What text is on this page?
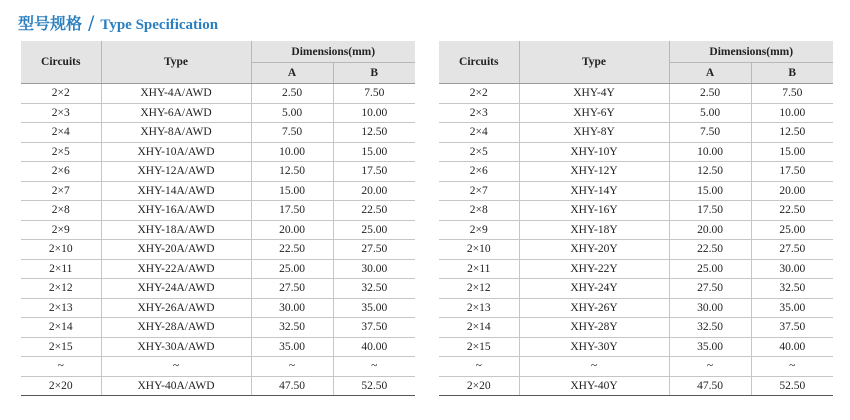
型号规格 / Type Specification
Circuits	Type	Dimensions(mm)	
		A	B
2×2	XHY-4A/AWD	2.50	7.50
2×3	XHY-6A/AWD	5.00	10.00
2×4	XHY-8A/AWD	7.50	12.50
2×5	XHY-10A/AWD	10.00	15.00
2×6	XHY-12A/AWD	12.50	17.50
2×7	XHY-14A/AWD	15.00	20.00
2×8	XHY-16A/AWD	17.50	22.50
2×9	XHY-18A/AWD	20.00	25.00
2×10	XHY-20A/AWD	22.50	27.50
2×11	XHY-22A/AWD	25.00	30.00
2×12	XHY-24A/AWD	27.50	32.50
2×13	XHY-26A/AWD	30.00	35.00
2×14	XHY-28A/AWD	32.50	37.50
2×15	XHY-30A/AWD	35.00	40.00
~	~	~	~
2×20	XHY-40A/AWD	47.50	52.50
Circuits	Type	Dimensions(mm)	
		A	B
2×2	XHY-4Y	2.50	7.50
2×3	XHY-6Y	5.00	10.00
2×4	XHY-8Y	7.50	12.50
2×5	XHY-10Y	10.00	15.00
2×6	XHY-12Y	12.50	17.50
2×7	XHY-14Y	15.00	20.00
2×8	XHY-16Y	17.50	22.50
2×9	XHY-18Y	20.00	25.00
2×10	XHY-20Y	22.50	27.50
2×11	XHY-22Y	25.00	30.00
2×12	XHY-24Y	27.50	32.50
2×13	XHY-26Y	30.00	35.00
2×14	XHY-28Y	32.50	37.50
2×15	XHY-30Y	35.00	40.00
~	~	~	~
2×20	XHY-40Y	47.50	52.50
